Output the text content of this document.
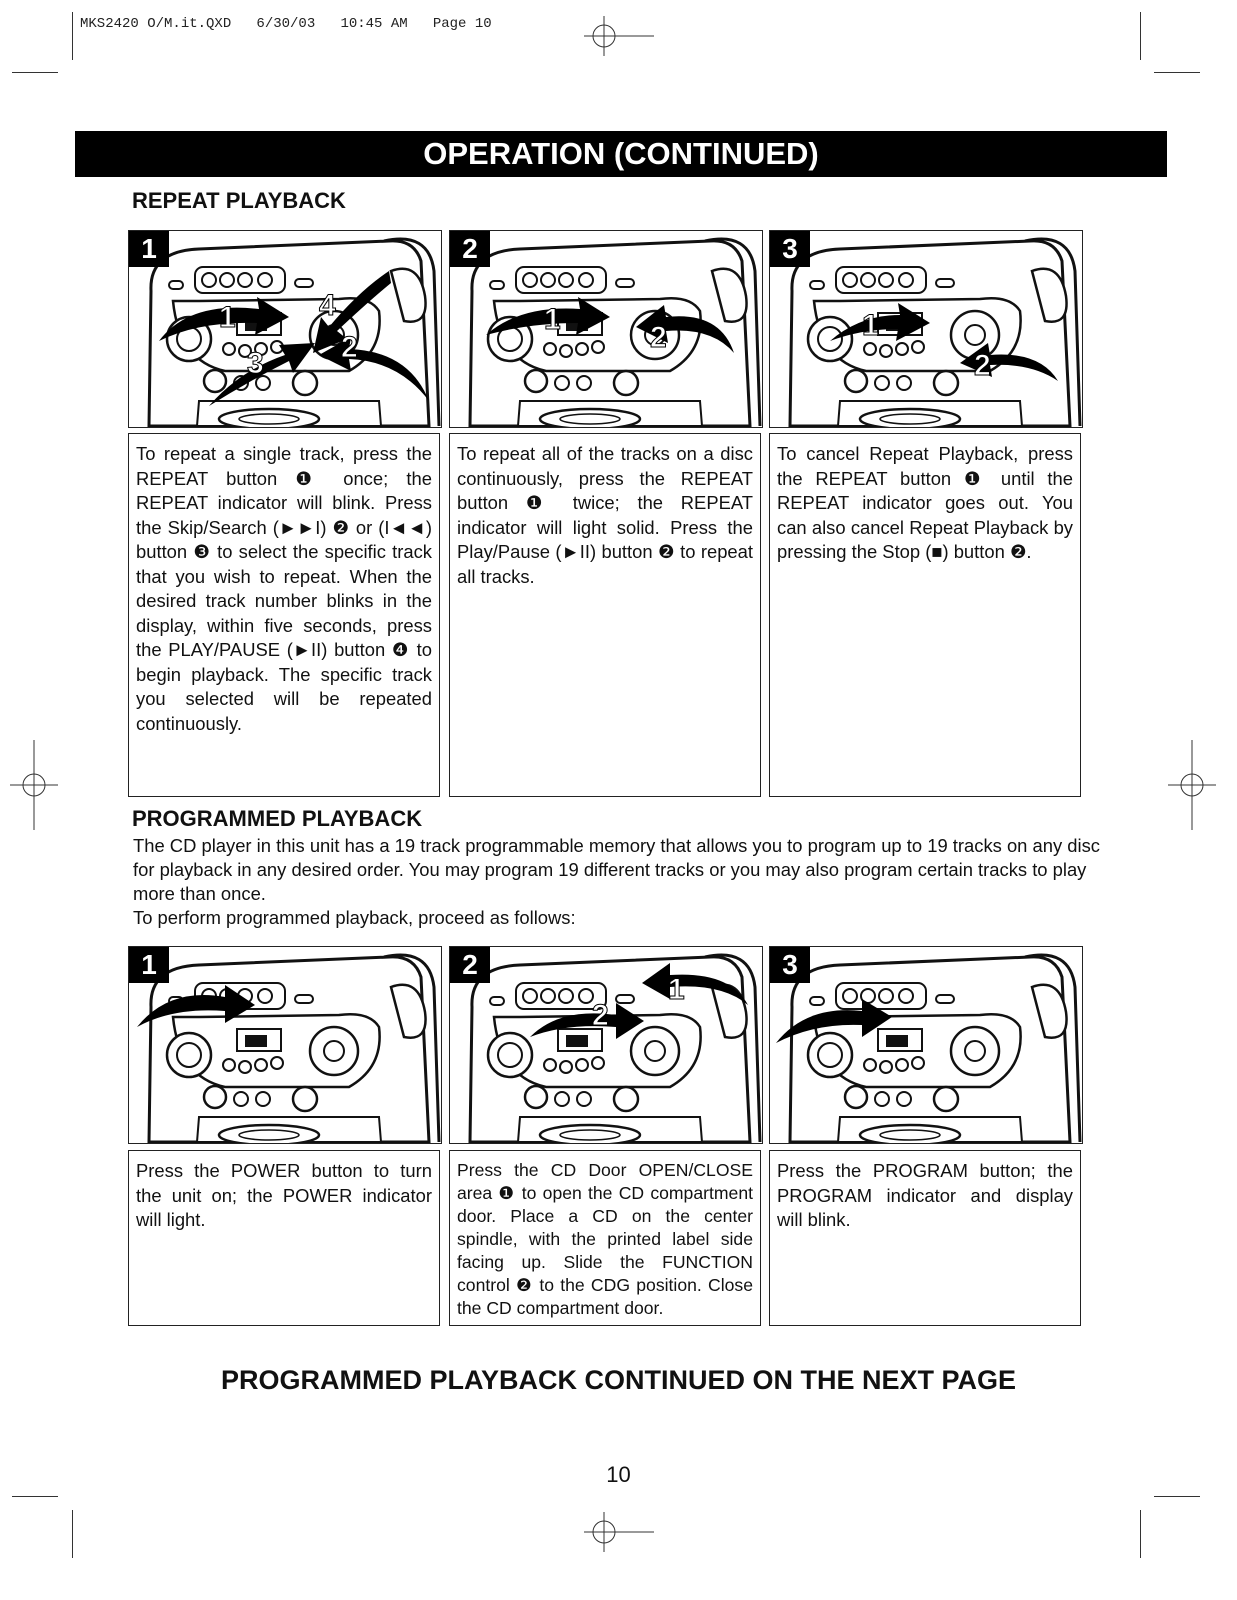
MKS2420 O/M.it.QXD   6/30/03   10:45 AM   Page 10
OPERATION (CONTINUED)
REPEAT PLAYBACK
1	4
2
3
1
1
2
2
1
2
3
To repeat a single track, press the REPEAT button ❶ once; the REPEAT indicator will blink. Press the Skip/Search (►►I) ❷ or (I◄◄) button ❸ to select the specific track that you wish to repeat. When the desired track number blinks in the display, within five seconds, press the PLAY/PAUSE (►II) button ❹ to begin playback. The specific track you selected will be repeated continuously.
To repeat all of the tracks on a disc continuously, press the REPEAT button ❶ twice; the REPEAT indicator will light solid. Press the Play/Pause (►II) button ❷ to repeat all tracks.
To cancel Repeat Playback, press the REPEAT button ❶ until the REPEAT indicator goes out. You can also cancel Repeat Playback by pressing the Stop (■) button ❷.
PROGRAMMED PLAYBACK
The CD player in this unit has a 19 track programmable memory that allows you to program up to 19 tracks on any disc for playback in any desired order. You may program 19 different tracks or you may also program certain tracks to play more than once.
To perform programmed playback, proceed as follows:
1
1
2
2	3
Press the POWER button to turn the unit on; the POWER indicator will light.
Press the CD Door OPEN/CLOSE area ❶ to open the CD compartment door. Place a CD on the center spindle, with the printed label side facing up. Slide the FUNCTION control ❷ to the CDG position. Close the CD compartment door.
Press the PROGRAM button; the PROGRAM indicator and display will blink.
PROGRAMMED PLAYBACK CONTINUED ON THE NEXT PAGE
10
